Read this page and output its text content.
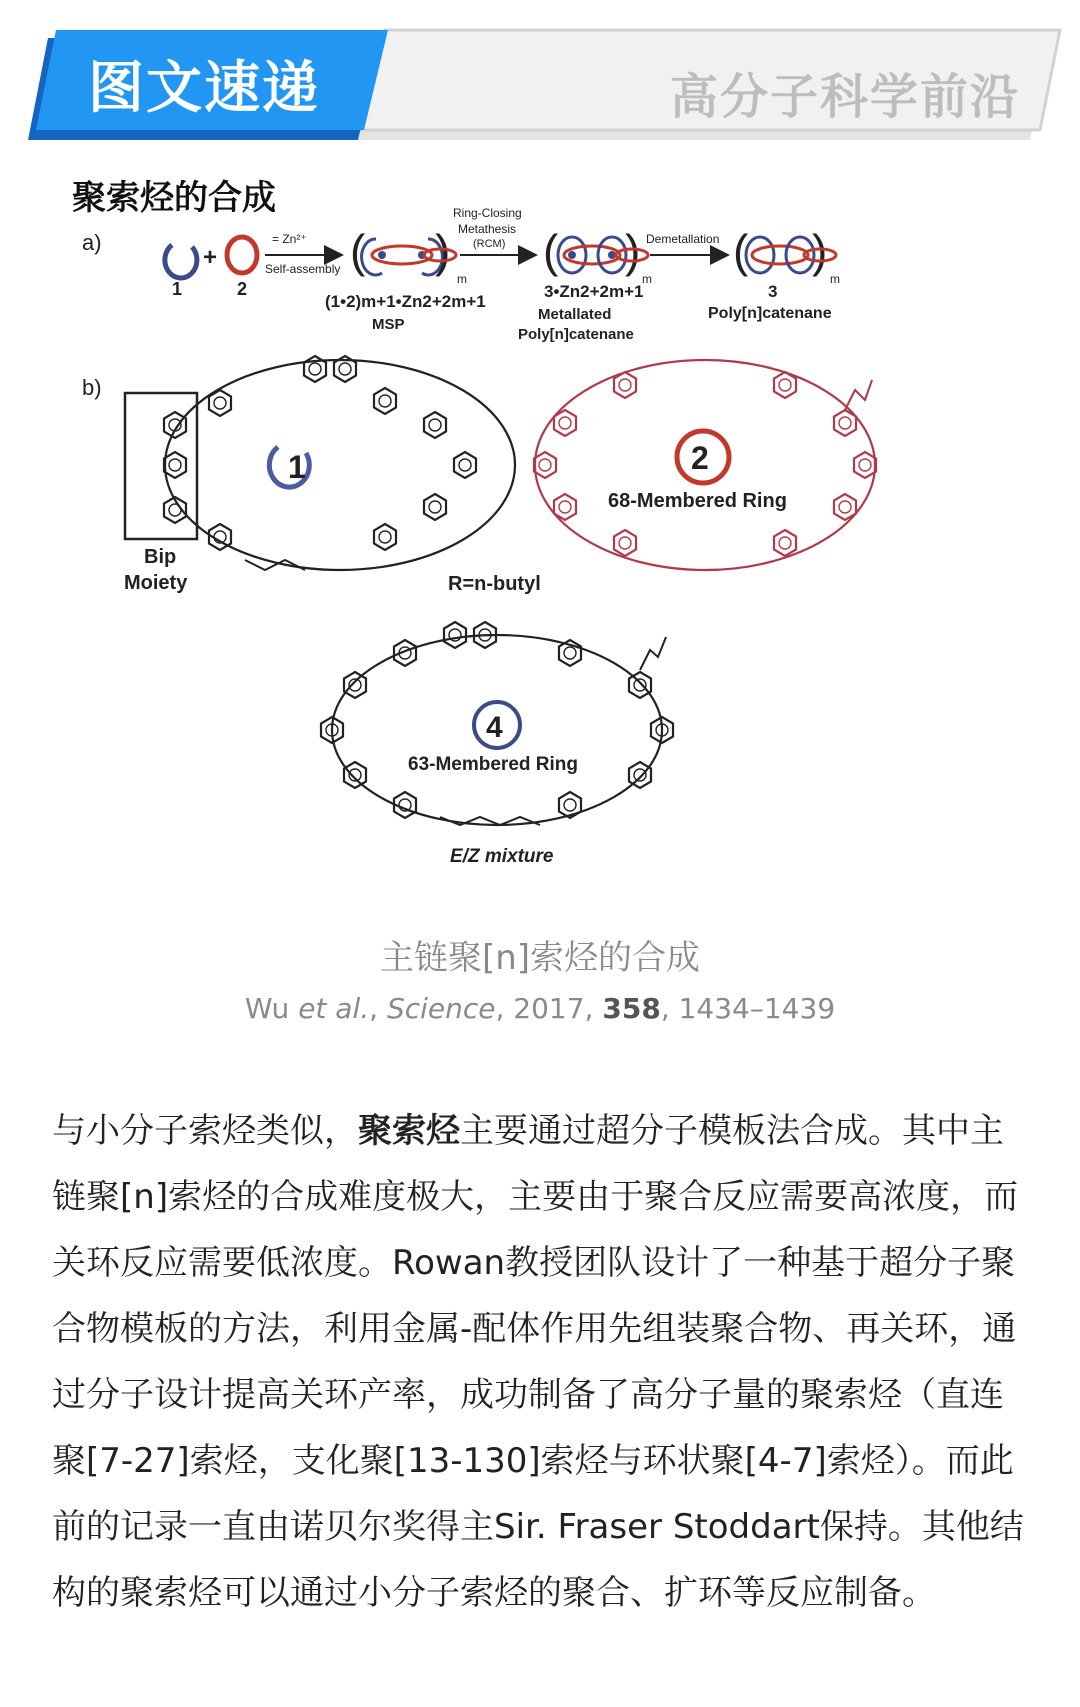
图文速递	高分子科学前沿
聚索烃的合成
a)
1
+
2
= Zn²⁺
Self-assembly ( )
m
(1•2)m+1•Zn2+2m+1
MSP
Ring-Closing
Metathesis
(RCM) ( )
m
3•Zn2+2m+1
Metallated
Poly[n]catenane
Demetallation ( )
m
3
Poly[n]catenane
b)
Bip
Moiety
1
R=n-butyl
2
68-Membered Ring
4
63-Membered Ring
E/Z mixture
主链聚[n]索烃的合成
Wu et al., Science, 2017, 358, 1434–1439

与小分子索烃类似，聚索烃主要通过超分子模板法合成。其中主链聚[n]索烃的合成难度极大，主要由于聚合反应需要高浓度，而关环反应需要低浓度。Rowan教授团队设计了一种基于超分子聚合物模板的方法，利用金属-配体作用先组装聚合物、再关环，通过分子设计提高关环产率，成功制备了高分子量的聚索烃（直连聚[7-27]索烃，支化聚[13-130]索烃与环状聚[4-7]索烃）。而此前的记录一直由诺贝尔奖得主Sir. Fraser Stoddart保持。其他结构的聚索烃可以通过小分子索烃的聚合、扩环等反应制备。
